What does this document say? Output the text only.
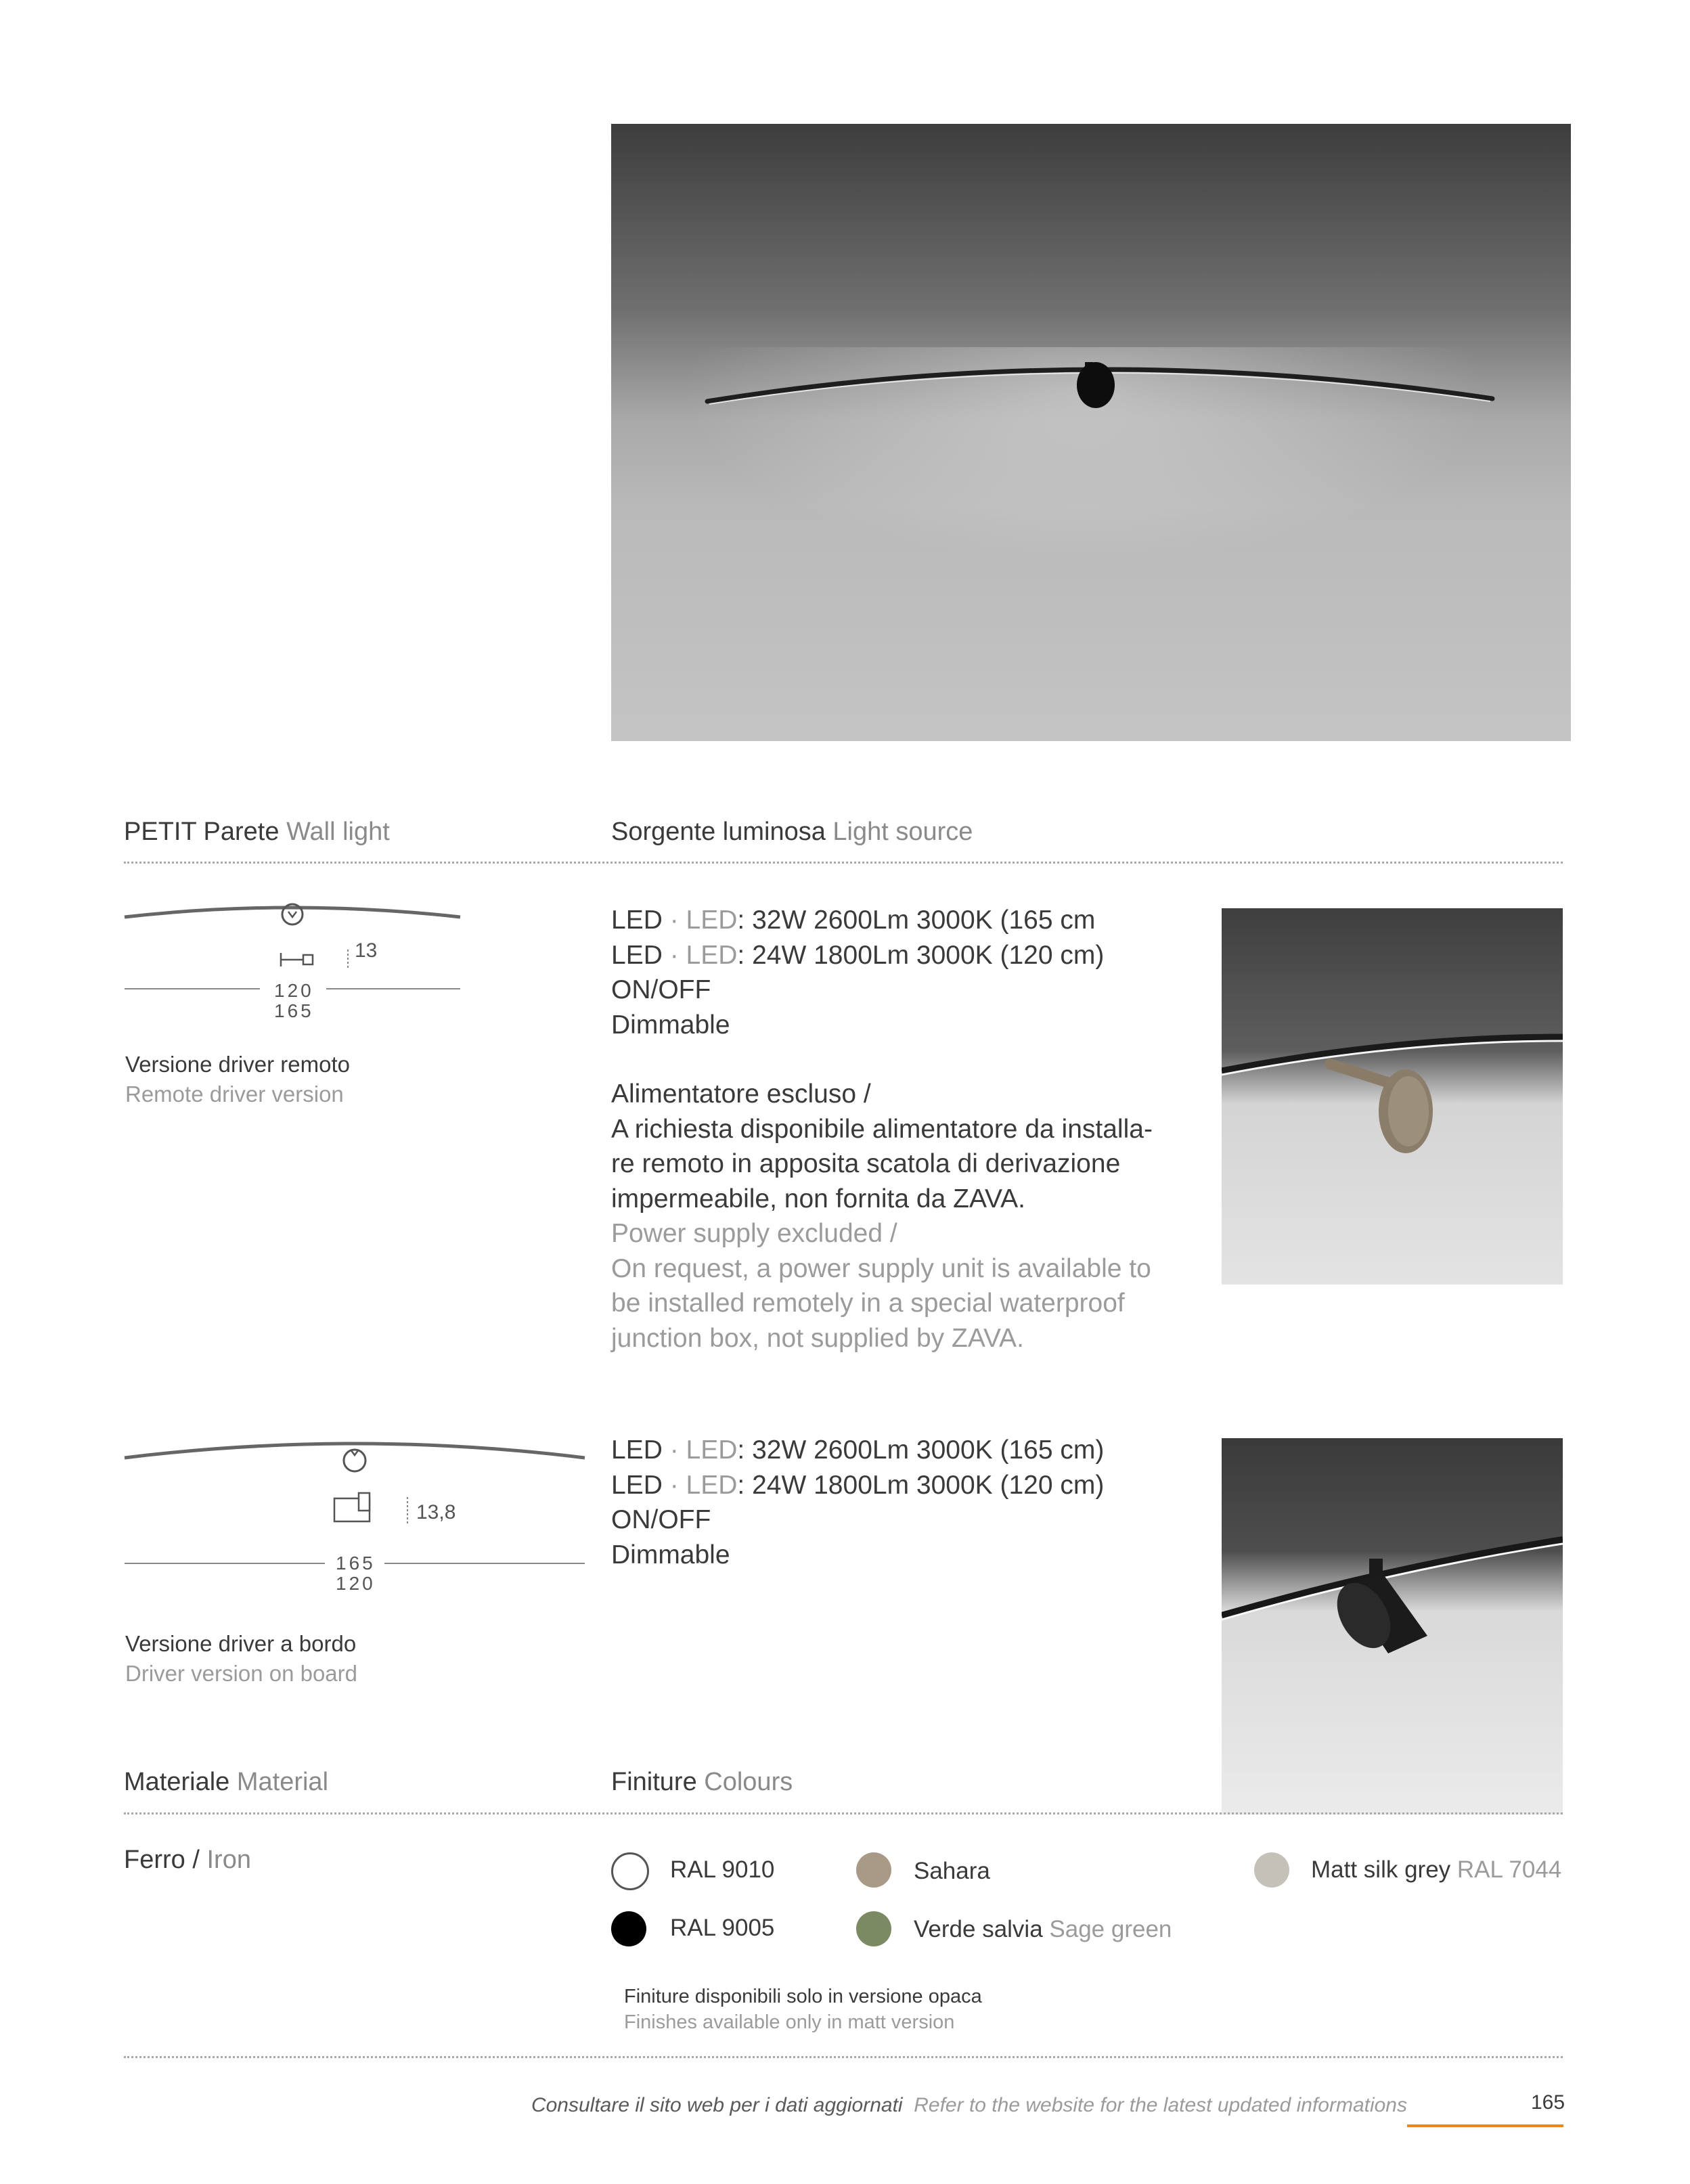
PETIT Parete Wall light	Sorgente luminosa Light source
13
120
165
Versione driver remoto
Remote driver version
LED · LED: 32W 2600Lm 3000K (165 cm
LED · LED: 24W 1800Lm 3000K (120 cm)
ON/OFF
Dimmable
Alimentatore escluso /
A richiesta disponibile alimentatore da installa-
re remoto in apposita scatola di derivazione
impermeabile, non fornita da ZAVA.
Power supply excluded /
On request, a power supply unit is available to
be installed remotely in a special waterproof
junction box, not supplied by ZAVA.
13,8
165
120
Versione driver a bordo
Driver version on board
LED · LED: 32W 2600Lm 3000K (165 cm)
LED · LED: 24W 1800Lm 3000K (120 cm)
ON/OFF
Dimmable
Materiale Material	Finiture Colours
Ferro / Iron	RAL 9010	Sahara	Matt silk grey RAL 7044
RAL 9005	Verde salvia Sage green
Finiture disponibili solo in versione opaca
Finishes available only in matt version
Consultare il sito web per i dati aggiornati Refer to the website for the latest updated informations	165
